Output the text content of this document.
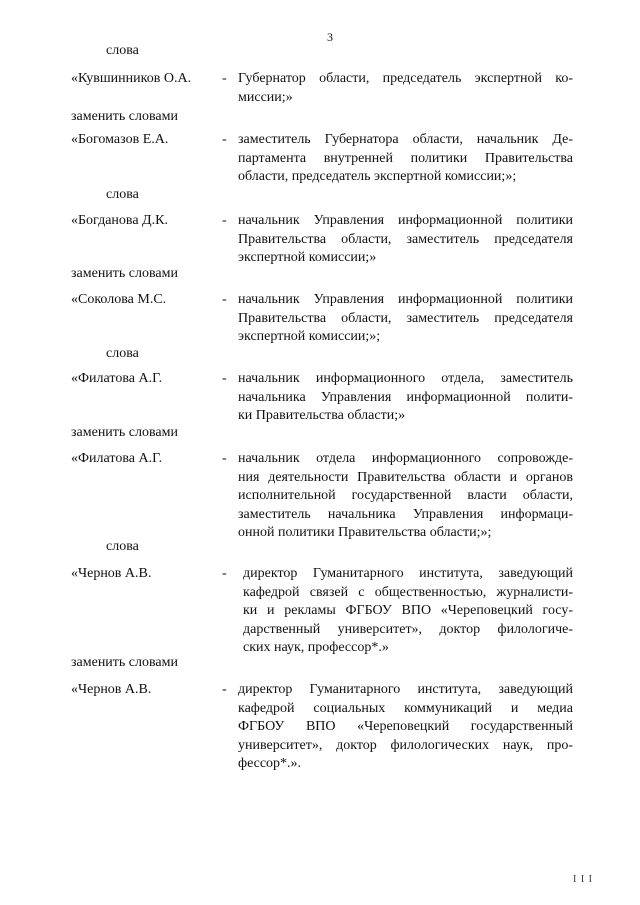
3
слова
«Кувшинников О.А. - Губернатор области, председатель экспертной ко-
миссии;»
заменить словами
«Богомазов Е.А.	- заместитель Губернатора области, начальник Де-
партамента внутренней политики Правительства
области, председатель экспертной комиссии;»;
слова
«Богданова Д.К.	- начальник Управления информационной политики
Правительства области, заместитель председателя
экспертной комиссии;»
заменить словами
«Соколова М.С.	- начальник Управления информационной политики
Правительства области, заместитель председателя
экспертной комиссии;»;
слова
«Филатова А.Г.	- начальник информационного отдела, заместитель
начальника Управления информационной полити-
ки Правительства области;»
заменить словами
«Филатова А.Г.	- начальник отдела информационного сопровожде-
ния деятельности Правительства области и органов
исполнительной государственной власти области,
заместитель начальника Управления информаци-
онной политики Правительства области;»;
слова
«Чернов А.В.	- директор Гуманитарного института, заведующий
кафедрой связей с общественностью, журналисти-
ки и рекламы ФГБОУ ВПО «Череповецкий госу-
дарственный университет», доктор филологиче-
ских наук, профессор*.»
заменить словами
«Чернов А.В.	- директор Гуманитарного института, заведующий
кафедрой социальных коммуникаций и медиа
ФГБОУ ВПО «Череповецкий государственный
университет», доктор филологических наук, про-
фессор*.».
I I I
